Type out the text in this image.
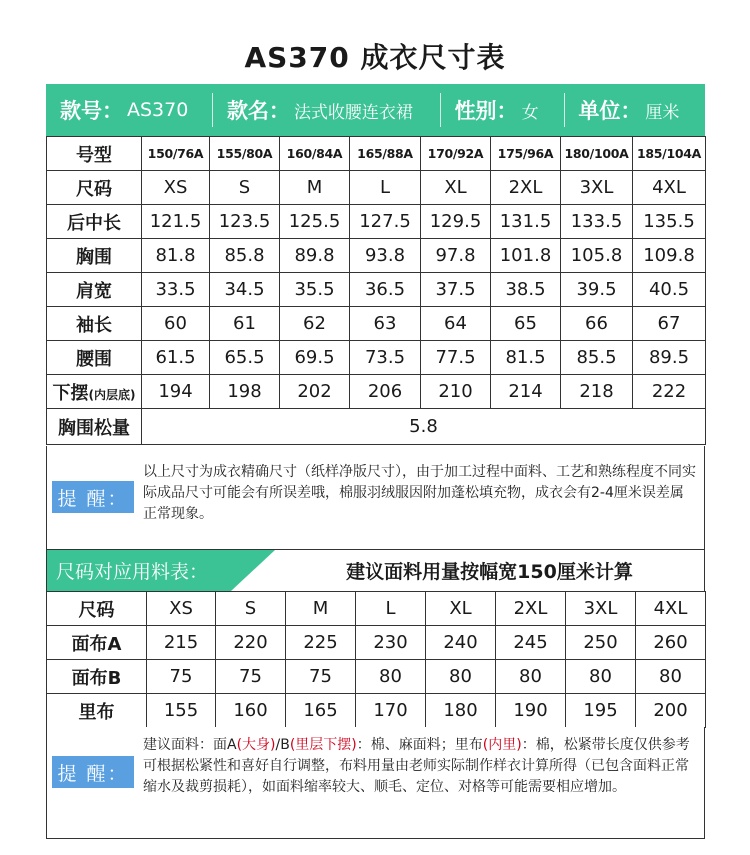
AS370 成衣尺寸表
款号： AS370 款名： 法式收腰连衣裙 性别： 女 单位： 厘米
号型	150/76A	155/80A	160/84A	165/88A	170/92A	175/96A	180/100A	185/104A
尺码	XS	S	M	L	XL	2XL	3XL	4XL
后中长	121.5	123.5	125.5	127.5	129.5	131.5	133.5	135.5
胸围	81.8	85.8	89.8	93.8	97.8	101.8	105.8	109.8
肩宽	33.5	34.5	35.5	36.5	37.5	38.5	39.5	40.5
袖长	60	61	62	63	64	65	66	67
腰围	61.5	65.5	69.5	73.5	77.5	81.5	85.5	89.5
下摆(内层底)	194	198	202	206	210	214	218	222
胸围松量	5.8							
提 醒：
以上尺寸为成衣精确尺寸（纸样净版尺寸），由于加工过程中面料、工艺和熟练程度不同实际成品尺寸可能会有所误差哦，棉服羽绒服因附加蓬松填充物，成衣会有2-4厘米误差属正常现象。
尺码对应用料表：	建议面料用量按幅宽150厘米计算
尺码	XS	S	M	L	XL	2XL	3XL	4XL
面布A	215	220	225	230	240	245	250	260
面布B	75	75	75	80	80	80	80	80
里布	155	160	165	170	180	190	195	200
提 醒：
建议面料：面A(大身)/B(里层下摆)：棉、麻面料；里布(内里)：棉，松紧带长度仅供参考可根据松紧性和喜好自行调整，布料用量由老师实际制作样衣计算所得（已包含面料正常缩水及裁剪损耗），如面料缩率较大、顺毛、定位、对格等可能需要相应增加。
